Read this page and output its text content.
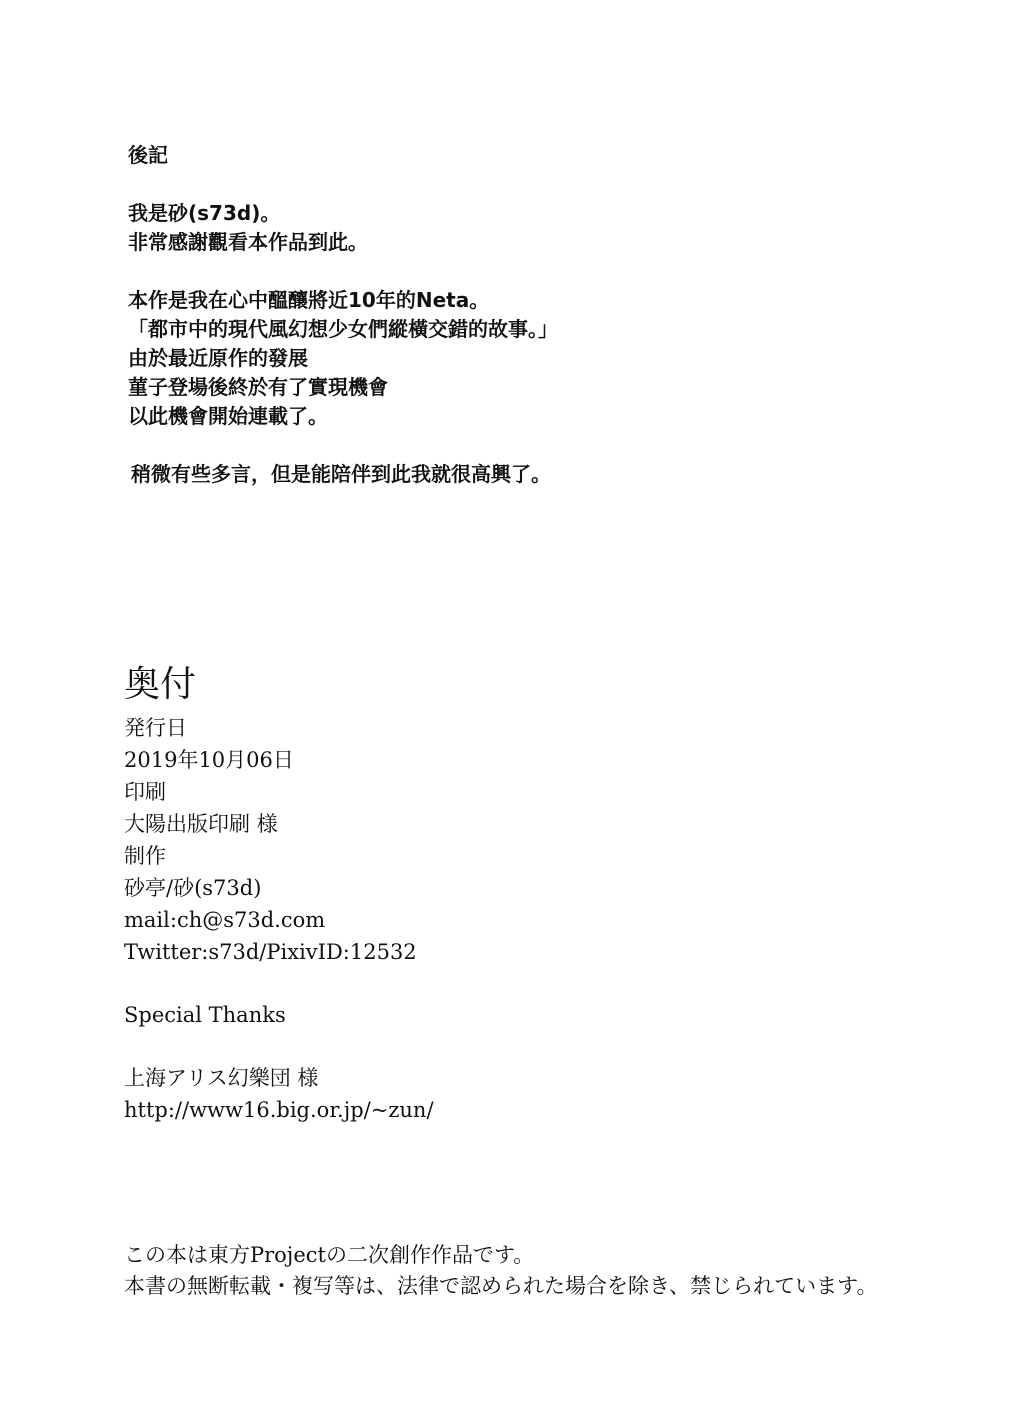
後記
我是砂(s73d)。
非常感謝觀看本作品到此。
本作是我在心中醞釀將近10年的Neta。
「都市中的現代風幻想少女們縱橫交錯的故事。」
由於最近原作的發展
菫子登場後終於有了實現機會
以此機會開始連載了。
稍微有些多言，但是能陪伴到此我就很高興了。
奥付
発行日
2019年10月06日
印刷
大陽出版印刷 様
制作
砂亭/砂(s73d)
mail:ch@s73d.com
Twitter:s73d/PixivID:12532
Special Thanks
上海アリス幻樂団 様
http://www16.big.or.jp/~zun/
この本は東方Projectの二次創作作品です。
本書の無断転載・複写等は、法律で認められた場合を除き、禁じられています。
